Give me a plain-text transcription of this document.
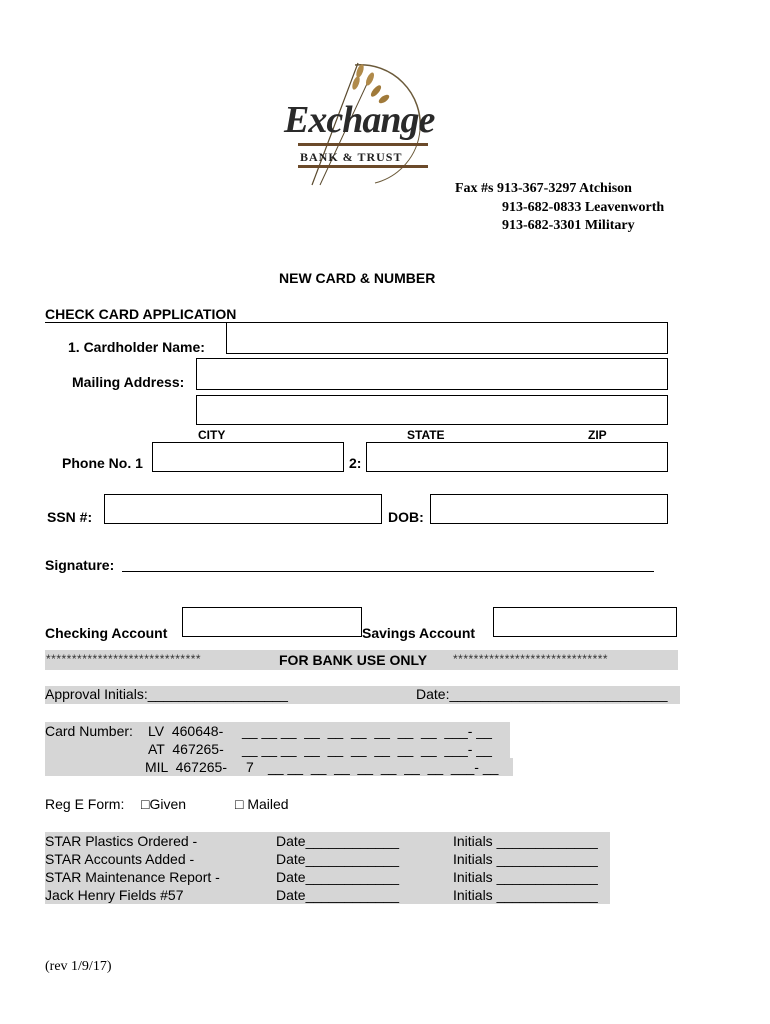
Exchange
BANK & TRUST
Fax #s 913-367-3297 Atchison
913-682-0833 Leavenworth
913-682-3301 Military
NEW CARD & NUMBER
CHECK CARD APPLICATION
1. Cardholder Name:
Mailing Address:
CITY	STATE	ZIP
Phone No. 1	2:
SSN #:	DOB:
Signature:
Checking Account	Savings Account
******************************	FOR BANK USE ONLY ******************************
Approval Initials:__________________	Date:____________________________
Card Number: LV  460648- __ __ __  __  __  __  __  __  __  ___- __
AT  467265- __ __ __  __  __  __  __  __  __  ___- __
MIL  467265- 7 __ __  __  __  __  __  __  __  ___- __
Reg E Form: □Given	□ Mailed
STAR Plastics Ordered -	Date____________	Initials _____________
STAR Accounts Added -	Date____________	Initials _____________
STAR Maintenance Report -	Date____________	Initials _____________
Jack Henry Fields #57	Date____________	Initials _____________
(rev 1/9/17)
